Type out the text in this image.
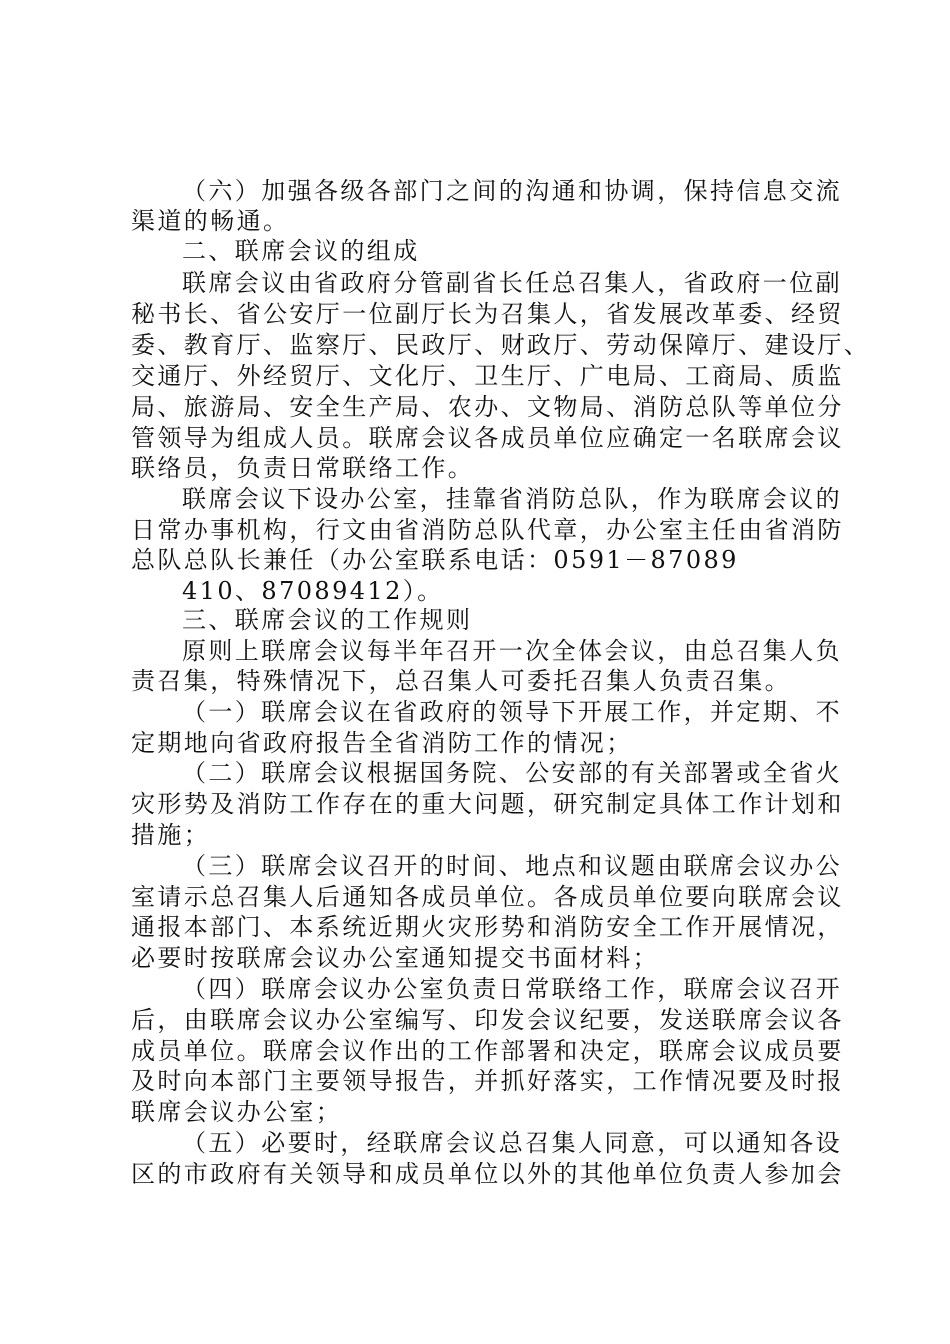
（六）加强各级各部门之间的沟通和协调，保持信息交流
渠道的畅通。
二、联席会议的组成
联席会议由省政府分管副省长任总召集人，省政府一位副
秘书长、省公安厅一位副厅长为召集人，省发展改革委、经贸
委、教育厅、监察厅、民政厅、财政厅、劳动保障厅、建设厅、
交通厅、外经贸厅、文化厅、卫生厅、广电局、工商局、质监
局、旅游局、安全生产局、农办、文物局、消防总队等单位分
管领导为组成人员。联席会议各成员单位应确定一名联席会议
联络员，负责日常联络工作。
联席会议下设办公室，挂靠省消防总队，作为联席会议的
日常办事机构，行文由省消防总队代章，办公室主任由省消防
总队总队长兼任（办公室联系电话：0591－87089
410、87089412）。
三、联席会议的工作规则
原则上联席会议每半年召开一次全体会议，由总召集人负
责召集，特殊情况下，总召集人可委托召集人负责召集。
（一）联席会议在省政府的领导下开展工作，并定期、不
定期地向省政府报告全省消防工作的情况；
（二）联席会议根据国务院、公安部的有关部署或全省火
灾形势及消防工作存在的重大问题，研究制定具体工作计划和
措施；
（三）联席会议召开的时间、地点和议题由联席会议办公
室请示总召集人后通知各成员单位。各成员单位要向联席会议
通报本部门、本系统近期火灾形势和消防安全工作开展情况，
必要时按联席会议办公室通知提交书面材料；
（四）联席会议办公室负责日常联络工作，联席会议召开
后，由联席会议办公室编写、印发会议纪要，发送联席会议各
成员单位。联席会议作出的工作部署和决定，联席会议成员要
及时向本部门主要领导报告，并抓好落实，工作情况要及时报
联席会议办公室；
（五）必要时，经联席会议总召集人同意，可以通知各设
区的市政府有关领导和成员单位以外的其他单位负责人参加会
